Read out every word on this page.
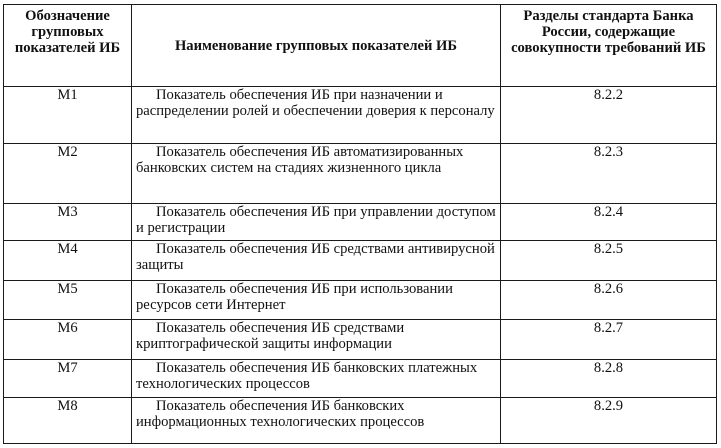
Обозначение групповых показателей ИБ	Наименование групповых показателей ИБ	Разделы стандарта Банка России, содержащие совокупности требований ИБ
М1	Показатель обеспечения ИБ при назначении и распределении ролей и обеспечении доверия к персоналу	8.2.2
М2	Показатель обеспечения ИБ автоматизированных банковских систем на стадиях жизненного цикла	8.2.3
М3	Показатель обеспечения ИБ при управлении доступом и регистрации	8.2.4
М4	Показатель обеспечения ИБ средствами антивирусной защиты	8.2.5
М5	Показатель обеспечения ИБ при использовании ресурсов сети Интернет	8.2.6
М6	Показатель обеспечения ИБ средствами криптографической защиты информации	8.2.7
М7	Показатель обеспечения ИБ банковских платежных технологических процессов	8.2.8
М8	Показатель обеспечения ИБ банковских информационных технологических процессов	8.2.9
